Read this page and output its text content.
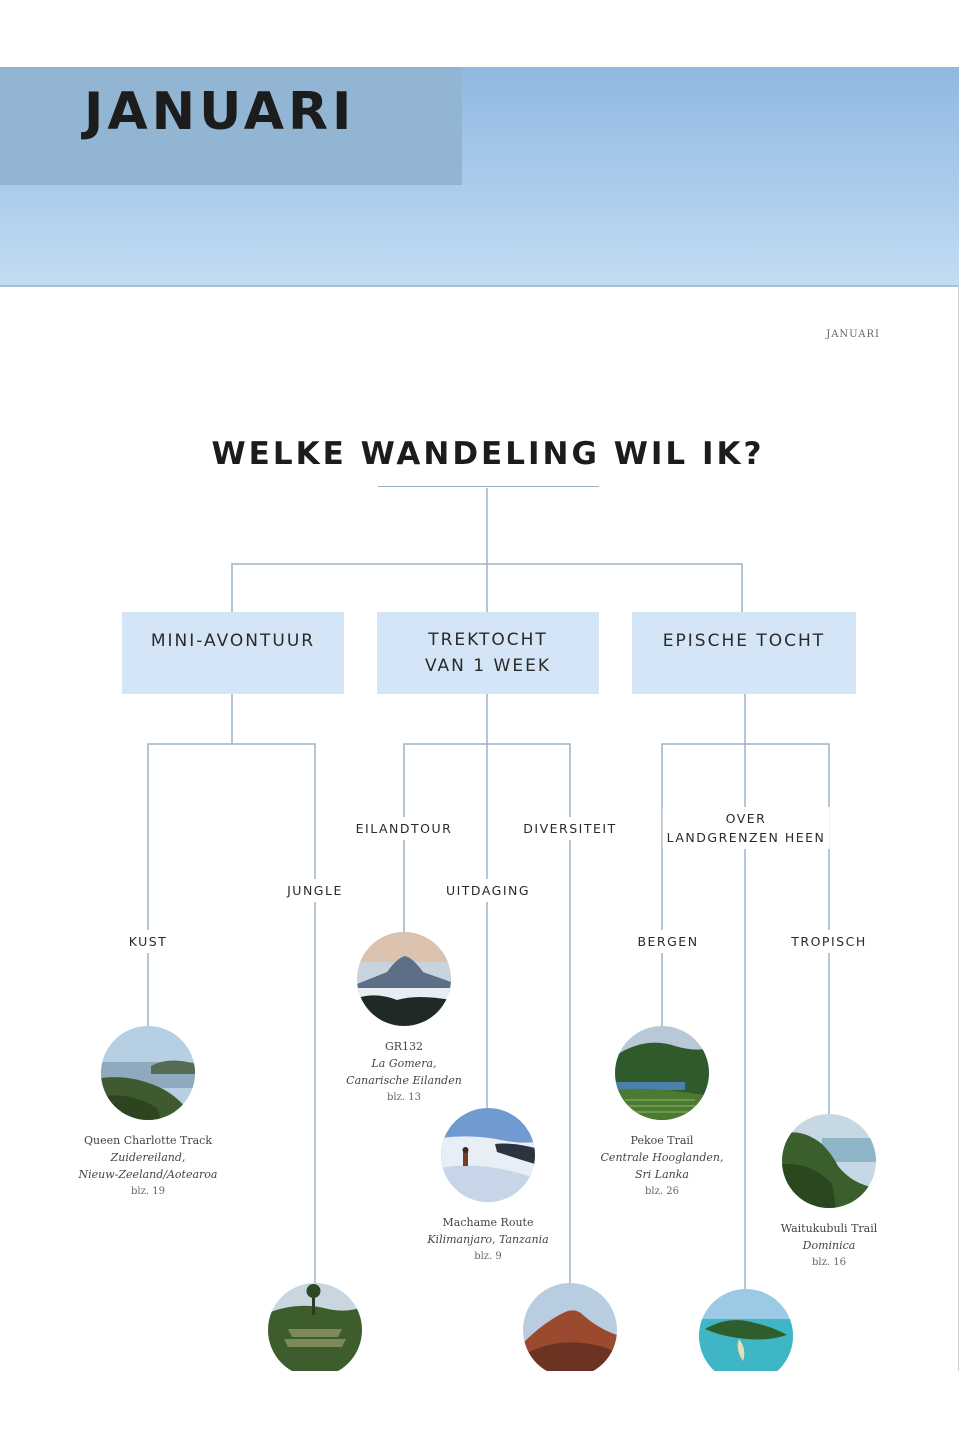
JANUARI
JANUARI
WELKE WANDELING WIL IK?
MINI-AVONTUUR	TREKTOCHT
VAN 1 WEEK
EPISCHE TOCHT
KUST
JUNGLE
EILANDTOUR
UITDAGING
DIVERSITEIT
OVER
LANDGRENZEN HEEN
BERGEN	TROPISCH
Queen Charlotte Track
Zuidereiland,
Nieuw-Zeeland/Aotearoa
blz. 19
GR132
La Gomera,
Canarische Eilanden
blz. 13
Machame Route
Kilimanjaro, Tanzania
blz. 9
Pekoe Trail
Centrale Hooglanden,
Sri Lanka
blz. 26
Waitukubuli Trail
Dominica
blz. 16
